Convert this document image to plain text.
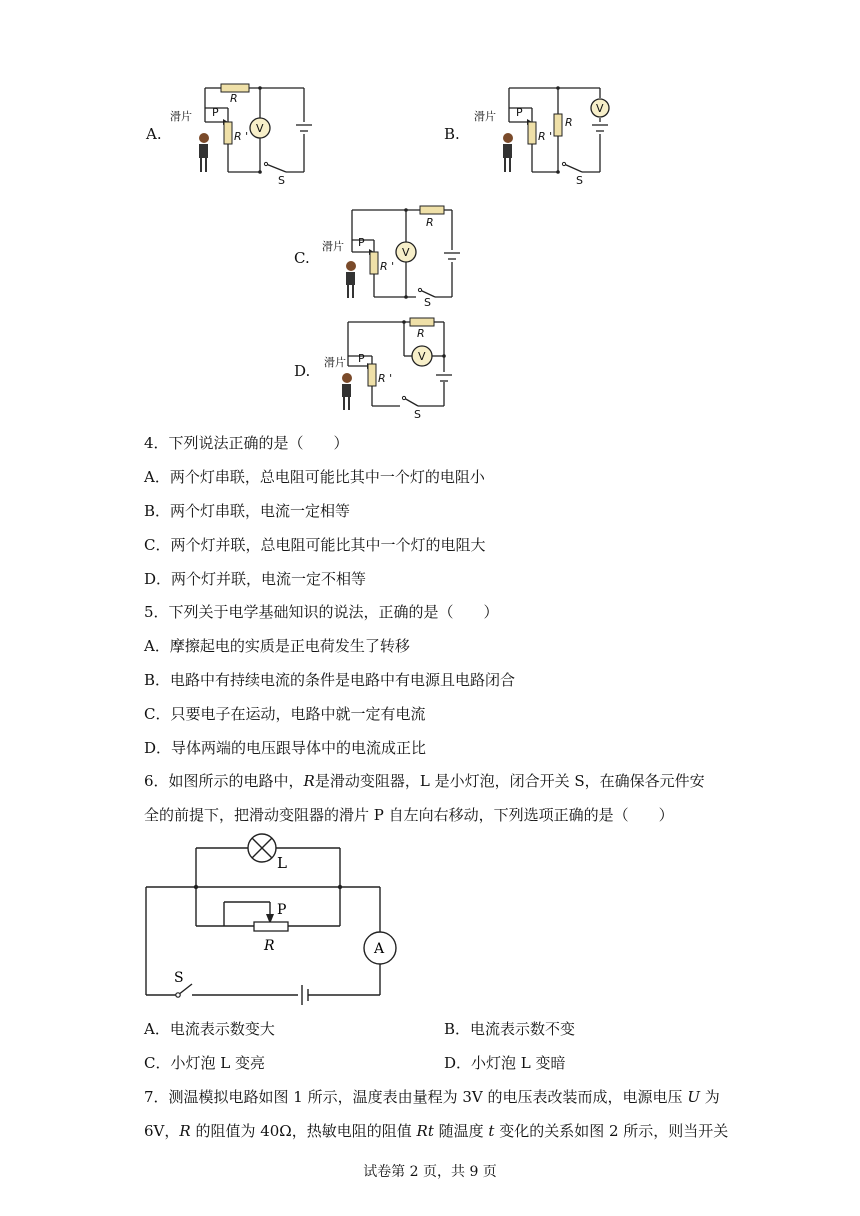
A.
滑片 P
R
R '
V
S
B.
滑片 P
R
R '
V
S
C.
滑片 P
R
R '
V
S
D. 滑片 P
R
R '
V
S
4．下列说法正确的是（　　）
A．两个灯串联，总电阻可能比其中一个灯的电阻小
B．两个灯串联，电流一定相等
C．两个灯并联，总电阻可能比其中一个灯的电阻大
D．两个灯并联，电流一定不相等
5．下列关于电学基础知识的说法，正确的是（　　）
A．摩擦起电的实质是正电荷发生了转移
B．电路中有持续电流的条件是电路中有电源且电路闭合
C．只要电子在运动，电路中就一定有电流
D．导体两端的电压跟导体中的电流成正比
6．如图所示的电路中，R是滑动变阻器，L 是小灯泡，闭合开关 S，在确保各元件安
全的前提下，把滑动变阻器的滑片 P 自左向右移动，下列选项正确的是（　　）
L
P
R	A
S
A．电流表示数变大	B．电流表示数不变
C．小灯泡 L 变亮	D．小灯泡 L 变暗
7．测温模拟电路如图 1 所示，温度表由量程为 3V 的电压表改装而成，电源电压 U 为
6V，R 的阻值为 40Ω，热敏电阻的阻值 Rt 随温度 t 变化的关系如图 2 所示，则当开关
试卷第 2 页，共 9 页
